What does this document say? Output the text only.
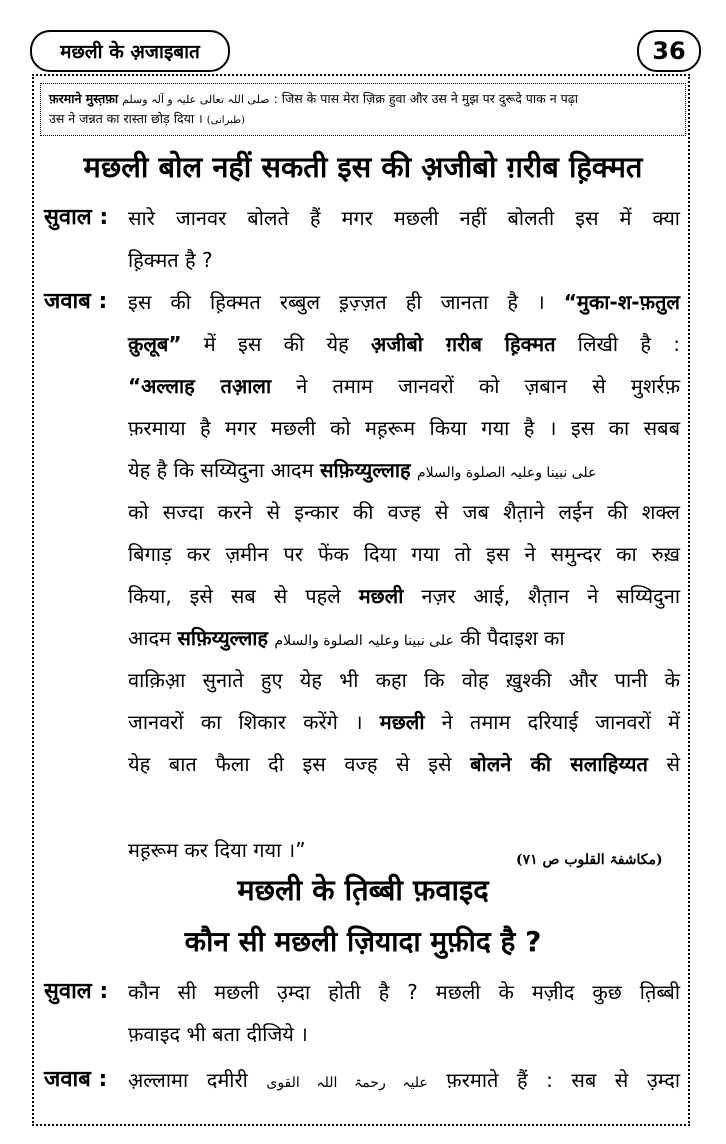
मछली के अ़जाइबात	36
फ़रमाने मुस्त़फ़ा صلی اللہ تعالی علیہ و آلہ وسلم : जिस के पास मेरा ज़िक्र हुवा और उस ने मुझ पर दुरूदे पाक न पढ़ा
उस ने जन्नत का रास्ता छोड़ दिया । (طبرانی)
मछली बोल नहीं सकती इस की अ़जीबो ग़रीब ह़िक्मत
सुवाल : सारे जानवर बोलते हैं मगर मछली नहीं बोलती इस में क्या
ह़िक्मत है ?
जवाब : इस की ह़िक्मत रब्बुल इ़ज़्ज़त ही जानता है । “मुका-श-फ़तुल
क़ुलूब” में इस की येह अ़जीबो ग़रीब ह़िक्मत लिखी है :
“अल्लाह तआ़ला ने तमाम जानवरों को ज़बान से मुशर्रफ़
फ़रमाया है मगर मछली को मह़रूम किया गया है । इस का सबब
येह है कि सय्यिदुना आदम सफ़िय्युल्लाह علی نبینا وعلیہ الصلوة والسلام
को सज्दा करने से इन्कार की वज्ह से जब शैत़ाने लईन की शक्ल
बिगाड़ कर ज़मीन पर फेंक दिया गया तो इस ने समुन्दर का रुख़
किया, इसे सब से पहले मछली नज़र आई, शैत़ान ने सय्यिदुना
आदम सफ़िय्युल्लाह علی نبینا وعلیہ الصلوة والسلام की पैदाइश का
वाक़िआ़ सुनाते हुए येह भी कहा कि वोह ख़ुश्की और पानी के
जानवरों का शिकार करेंगे । मछली ने तमाम दरियाई जानवरों में
येह बात फैला दी इस वज्ह से इसे बोलने की सलाहिय्यत से
मह़रूम कर दिया गया ।”	(مکاشفۃ القلوب ص ۷۱)
मछली के त़िब्बी फ़वाइद
कौन सी मछली ज़ियादा मुफ़ीद है ?
सुवाल : कौन सी मछली उ़म्दा होती है ? मछली के मज़ीद कुछ त़िब्बी
फ़वाइद भी बता दीजिये ।
जवाब : अ़ल्लामा दमीरी علیہ رحمۃ اللہ القوی फ़रमाते हैं : सब से उ़म्दा
